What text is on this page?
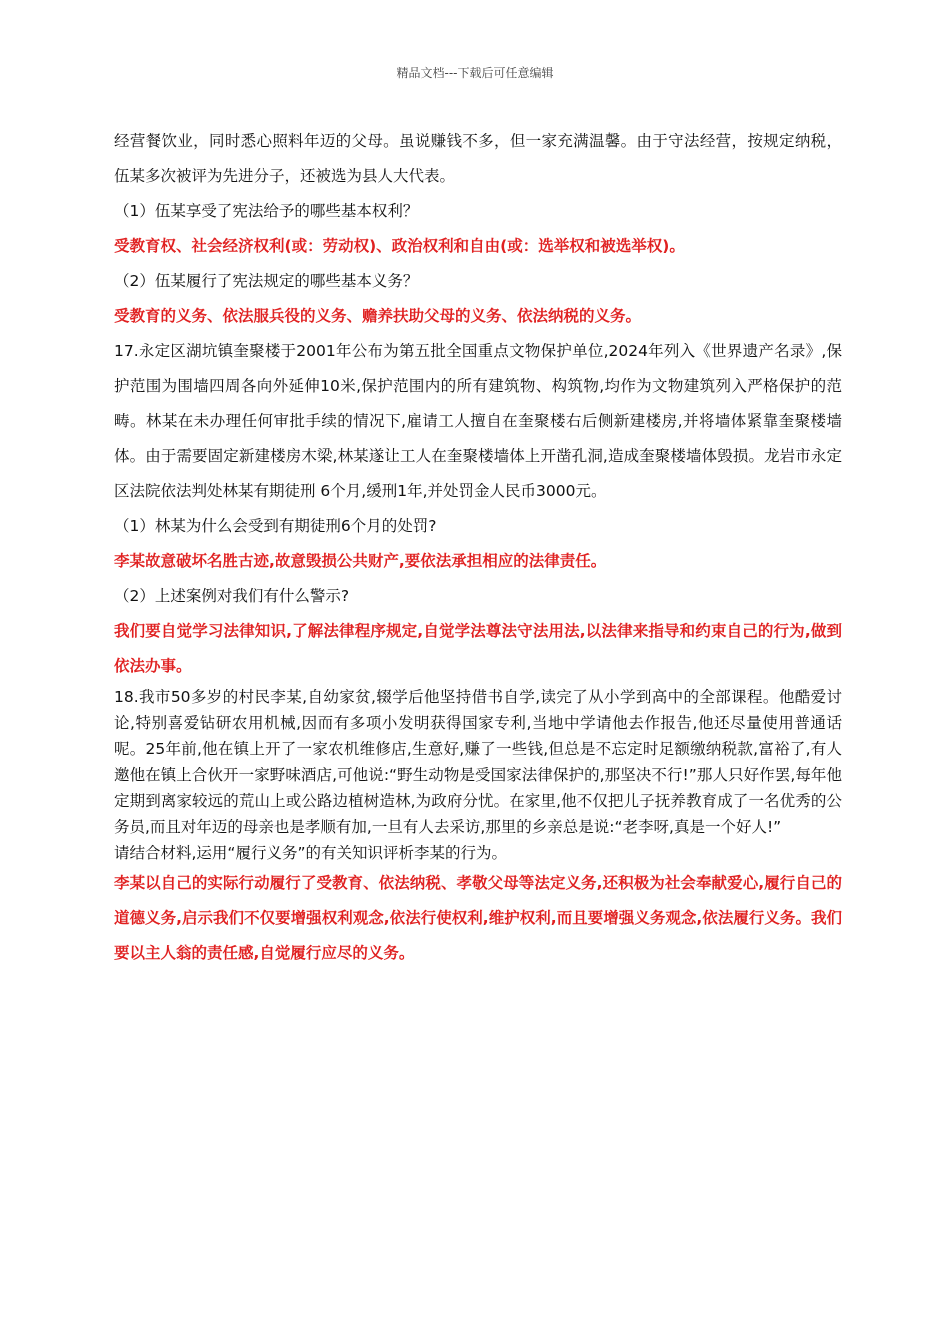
精品文档---下载后可任意编辑

经营餐饮业，同时悉心照料年迈的父母。虽说赚钱不多，但一家充满温馨。由于守法经营，按规定纳税，伍某多次被评为先进分子，还被选为县人大代表。

（1）伍某享受了宪法给予的哪些基本权利？

受教育权、社会经济权利(或：劳动权)、政治权利和自由(或：选举权和被选举权)。

（2）伍某履行了宪法规定的哪些基本义务？

受教育的义务、依法服兵役的义务、赡养扶助父母的义务、依法纳税的义务。

17.永定区湖坑镇奎聚楼于2001年公布为第五批全国重点文物保护单位,2024年列入《世界遗产名录》,保护范围为围墙四周各向外延伸10米,保护范围内的所有建筑物、构筑物,均作为文物建筑列入严格保护的范畴。林某在未办理任何审批手续的情况下,雇请工人擅自在奎聚楼右后侧新建楼房,并将墙体紧靠奎聚楼墙体。由于需要固定新建楼房木梁,林某遂让工人在奎聚楼墙体上开凿孔洞,造成奎聚楼墙体毁损。龙岩市永定区法院依法判处林某有期徒刑 6个月,缓刑1年,并处罚金人民币3000元。

（1）林某为什么会受到有期徒刑6个月的处罚?

李某故意破坏名胜古迹,故意毁损公共财产,要依法承担相应的法律责任。

（2）上述案例对我们有什么警示?

我们要自觉学习法律知识,了解法律程序规定,自觉学法尊法守法用法,以法律来指导和约束自己的行为,做到依法办事。

18.我市50多岁的村民李某,自幼家贫,辍学后他坚持借书自学,读完了从小学到高中的全部课程。他酷爱讨论,特别喜爱钻研农用机械,因而有多项小发明获得国家专利,当地中学请他去作报告,他还尽量使用普通话呢。25年前,他在镇上开了一家农机维修店,生意好,赚了一些钱,但总是不忘定时足额缴纳税款,富裕了,有人邀他在镇上合伙开一家野味酒店,可他说:“野生动物是受国家法律保护的,那坚决不行!”那人只好作罢,每年他定期到离家较远的荒山上或公路边植树造林,为政府分忧。在家里,他不仅把儿子抚养教育成了一名优秀的公务员,而且对年迈的母亲也是孝顺有加,一旦有人去采访,那里的乡亲总是说:“老李呀,真是一个好人!”

请结合材料,运用“履行义务”的有关知识评析李某的行为。

李某以自己的实际行动履行了受教育、依法纳税、孝敬父母等法定义务,还积极为社会奉献爱心,履行自己的道德义务,启示我们不仅要增强权利观念,依法行使权利,维护权利,而且要增强义务观念,依法履行义务。我们要以主人翁的责任感,自觉履行应尽的义务。
